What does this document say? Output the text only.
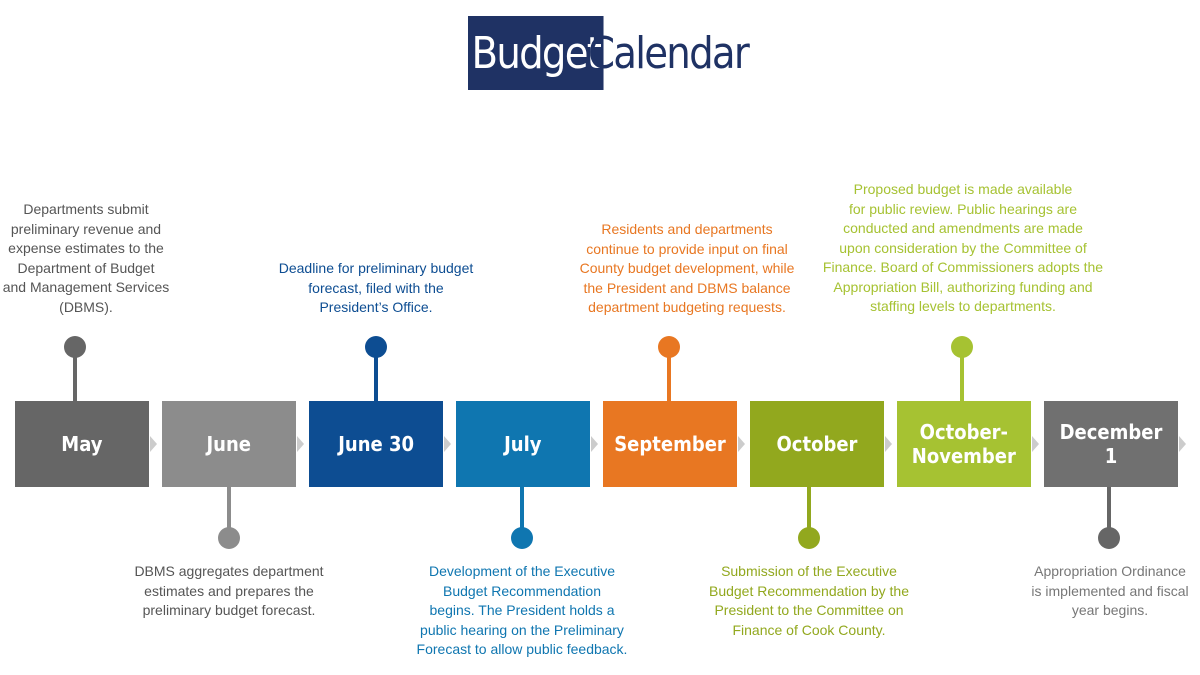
Budget
Calendar
May	June	June 30	July	September	October	October-
November
December 1
Departments submit
preliminary revenue and
expense estimates to the
Department of Budget
and Management Services
(DBMS).
Deadline for preliminary budget
forecast, filed with the
President’s Office.
Residents and departments
continue to provide input on final
County budget development, while
the President and DBMS balance
department budgeting requests.
Proposed budget is made available
for public review. Public hearings are
conducted and amendments are made
upon consideration by the Committee of
Finance. Board of Commissioners adopts the
Appropriation Bill, authorizing funding and
staffing levels to departments.
DBMS aggregates department
estimates and prepares the
preliminary budget forecast.
Development of the Executive
Budget Recommendation
begins. The President holds a
public hearing on the Preliminary
Forecast to allow public feedback.
Submission of the Executive
Budget Recommendation by the
President to the Committee on
Finance of Cook County.
Appropriation Ordinance
is implemented and fiscal
year begins.
